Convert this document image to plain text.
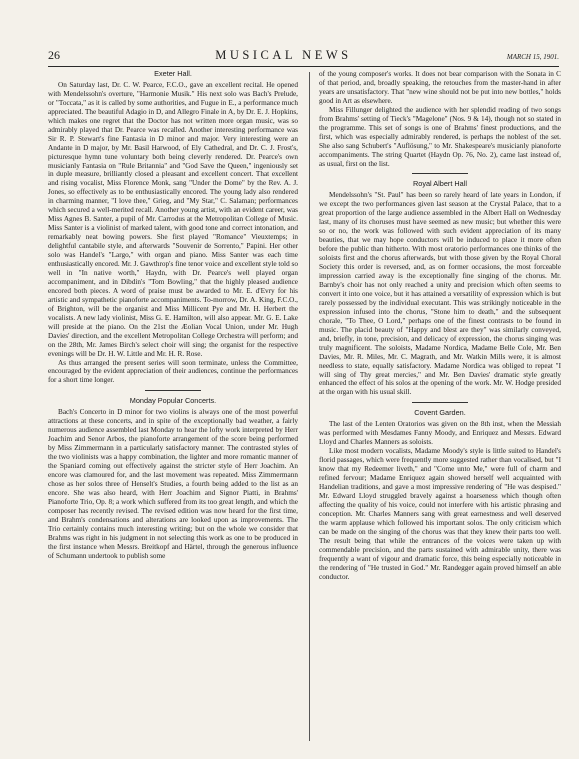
26	MUSICAL NEWS	MARCH 15, 1901.
Exeter Hall.

On Saturday last, Dr. C. W. Pearce, F.C.O., gave an excellent recital. He opened with Mendelssohn's overture, "Harmonie Musik." His next solo was Bach's Prelude, or "Toccata," as it is called by some authorities, and Fugue in E., a performance much appreciated. The beautiful Adagio in D, and Allegro Finale in A, by Dr. E. J. Hopkins, which makes one regret that the Doctor has not written more organ music, was so admirably played that Dr. Pearce was recalled. Another interesting performance was Sir R. P. Stewart's fine Fantasia in D minor and major. Very interesting were an Andante in D major, by Mr. Basil Harwood, of Ely Cathedral, and Dr. C. J. Frost's, picturesque hymn tune voluntary both being cleverly rendered. Dr. Pearce's own musicianly Fantasia on "Rule Britannia" and "God Save the Queen," ingeniously set in duple measure, brilliantly closed a pleasant and excellent concert. That excellent and rising vocalist, Miss Florence Monk, sang "Under the Dome" by the Rev. A. J. Jones, so effectively as to be enthusiastically encored. The young lady also rendered in charming manner, "I love thee," Grieg, and "My Star," C. Salaman; performances which secured a well-merited recall. Another young artist, with an evident career, was Miss Agnes B. Santer, a pupil of Mr. Carrodus at the Metropolitan College of Music. Miss Santer is a violinist of marked talent, with good tone and correct intonation, and remarkably neat bowing powers. She first played "Romance" Vieuxtemps; in delightful cantabile style, and afterwards "Souvenir de Sorrento," Papini. Her other solo was Handel's "Largo," with organ and piano. Miss Santer was each time enthusiastically encored. Mr. J. Gawthrop's fine tenor voice and excellent style told so well in "In native worth," Haydn, with Dr. Pearce's well played organ accompaniment, and in Dibdin's "Tom Bowling," that the highly pleased audience encored both pieces. A word of praise must be awarded to Mr. E. d'Evry for his artistic and sympathetic pianoforte accompaniments. To-morrow, Dr. A. King, F.C.O., of Brighton, will be the organist and Miss Millicent Pye and Mr. H. Herbert the vocalists. A new lady violinist, Miss G. E. Hamilton, will also appear. Mr. G. E. Lake will preside at the piano. On the 21st the Æolian Vocal Union, under Mr. Hugh Davies' direction, and the excellent Metropolitan College Orchestra will perform; and on the 28th, Mr. James Birch's select choir will sing; the organist for the respective evenings will be Dr. H. W. Little and Mr. H. R. Rose.

As thus arranged the present series will soon terminate, unless the Committee, encouraged by the evident appreciation of their audiences, continue the performances for a short time longer.

Monday Popular Concerts.

Bach's Concerto in D minor for two violins is always one of the most powerful attractions at these concerts, and in spite of the exceptionally bad weather, a fairly numerous audience assembled last Monday to hear the lofty work interpreted by Herr Joachim and Senor Arbos, the pianoforte arrangement of the score being performed by Miss Zimmermann in a particularly satisfactory manner. The contrasted styles of the two violinists was a happy combination, the lighter and more romantic manner of the Spaniard coming out effectively against the stricter style of Herr Joachim. An encore was clamoured for, and the last movement was repeated. Miss Zimmermann chose as her solos three of Henselt's Studies, a fourth being added to the list as an encore. She was also heard, with Herr Joachim and Signor Piatti, in Brahms' Pianoforte Trio, Op. 8; a work which suffered from its too great length, and which the composer has recently revised. The revised edition was now heard for the first time, and Brahm's condensations and alterations are looked upon as improvements. The Trio certainly contains much interesting writing; but on the whole we consider that Brahms was right in his judgment in not selecting this work as one to be produced in the first instance when Messrs. Breitkopf and Härtel, through the generous influence of Schumann undertook to publish some

of the young composer's works. It does not bear comparison with the Sonata in C of that period, and, broadly speaking, the retouches from the master-hand in after years are unsatisfactory. That "new wine should not be put into new bottles," holds good in Art as elsewhere.

Miss Fillunger delighted the audience with her splendid reading of two songs from Brahms' setting of Tieck's "Magelone" (Nos. 9 & 14), though not so stated in the programme. This set of songs is one of Brahms' finest productions, and the first, which was especially admirably rendered, is perhaps the noblest of the set. She also sang Schubert's "Auflösung," to Mr. Shakespeare's musicianly pianoforte accompaniments. The string Quartet (Haydn Op. 76, No. 2), came last instead of, as usual, first on the list.

Royal Albert Hall

Mendelssohn's "St. Paul" has been so rarely heard of late years in London, if we except the two performances given last season at the Crystal Palace, that to a great proportion of the large audience assembled in the Albert Hall on Wednesday last, many of its choruses must have seemed as new music; but whether this were so or no, the work was followed with such evident appreciation of its many beauties, that we may hope conductors will be induced to place it more often before the public than hitherto. With most oratorio performances one thinks of the soloists first and the chorus afterwards, but with those given by the Royal Choral Society this order is reversed, and, as on former occasions, the most forceable impression carried away is the exceptionally fine singing of the chorus. Mr. Barnby's choir has not only reached a unity and precision which often seems to convert it into one voice, but it has attained a versatility of expression which is but rarely possessed by the individual executant. This was strikingly noticeable in the expression infused into the chorus, "Stone him to death," and the subsequent chorale, "To Thee, O Lord," perhaps one of the finest contrasts to be found in music. The placid beauty of "Happy and blest are they" was similarly conveyed, and, briefly, in tone, precision, and delicacy of expression, the chorus singing was truly magnificent. The soloists, Madame Nordica, Madame Belle Cole, Mr. Ben Davies, Mr. R. Miles, Mr. C. Magrath, and Mr. Watkin Mills were, it is almost needless to state, equally satisfactory. Madame Nordica was obliged to repeat "I will sing of Thy great mercies," and Mr. Ben Davies' dramatic style greatly enhanced the effect of his solos at the opening of the work. Mr. W. Hodge presided at the organ with his usual skill.

Covent Garden.

The last of the Lenten Oratorios was given on the 8th inst, when the Messiah was performed with Mesdames Fanny Moody, and Enriquez and Messrs. Edward Lloyd and Charles Manners as soloists.

Like most modern vocalists, Madame Moody's style is little suited to Handel's florid passages, which were frequently more suggested rather than vocalised, but "I know that my Redeemer liveth," and "Come unto Me," were full of charm and refined fervour; Madame Enriquez again showed herself well acquainted with Handelian traditions, and gave a most impressive rendering of "He was despised." Mr. Edward Lloyd struggled bravely against a hoarseness which though often affecting the quality of his voice, could not interfere with his artistic phrasing and conception. Mr. Charles Manners sang with great earnestness and well deserved the warm applause which followed his important solos. The only criticism which can be made on the singing of the chorus was that they knew their parts too well. The result being that while the entrances of the voices were taken up with commendable precision, and the parts sustained with admirable unity, there was frequently a want of vigour and dramatic force, this being especially noticeable in the rendering of "He trusted in God." Mr. Randegger again proved himself an able conductor.
